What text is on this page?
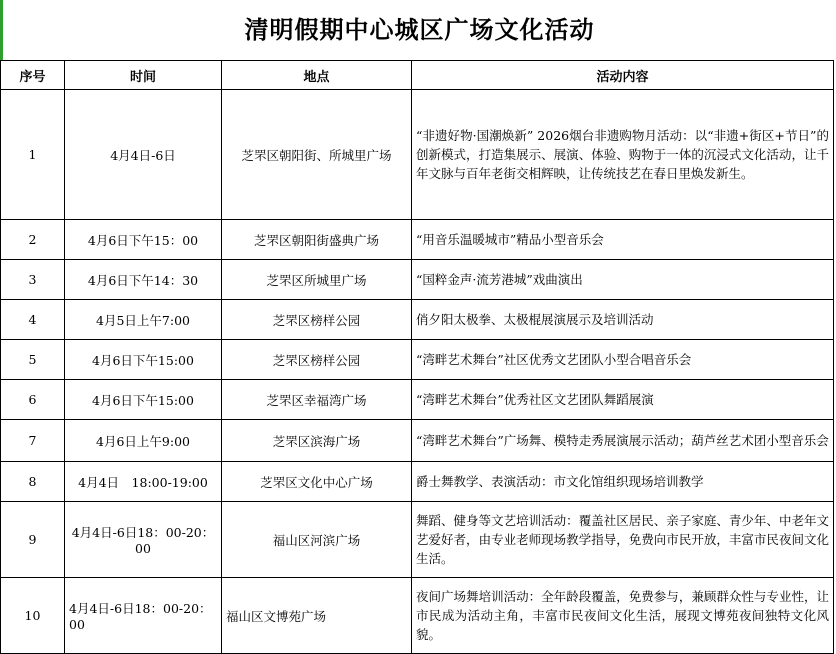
清明假期中心城区广场文化活动
序号	时间	地点	活动内容
1	4月4日-6日	芝罘区朝阳街、所城里广场	“非遗好物·国潮焕新” 2026烟台非遗购物月活动：以“非遗+街区+节日”的创新模式，打造集展示、展演、体验、购物于一体的沉浸式文化活动，让千年文脉与百年老街交相辉映，让传统技艺在春日里焕发新生。
2	4月6日下午15：00	芝罘区朝阳街盛典广场	“用音乐温暖城市”精品小型音乐会
3	4月6日下午14：30	芝罘区所城里广场	“国粹金声·流芳港城”戏曲演出
4	4月5日上午7:00	芝罘区榜样公园	俏夕阳太极拳、太极棍展演展示及培训活动
5	4月6日下午15:00	芝罘区榜样公园	“湾畔艺术舞台”社区优秀文艺团队小型合唱音乐会
6	4月6日下午15:00	芝罘区幸福湾广场	“湾畔艺术舞台”优秀社区文艺团队舞蹈展演
7	4月6日上午9:00	芝罘区滨海广场	“湾畔艺术舞台”广场舞、模特走秀展演展示活动；葫芦丝艺术团小型音乐会
8	4月4日　18:00-19:00	芝罘区文化中心广场	爵士舞教学、表演活动：市文化馆组织现场培训教学
9	4月4日-6日18：00-20：00	福山区河滨广场	舞蹈、健身等文艺培训活动：覆盖社区居民、亲子家庭、青少年、中老年文艺爱好者，由专业老师现场教学指导，免费向市民开放，丰富市民夜间文化生活。
10	4月4日-6日18：00-20：00	福山区文博苑广场	夜间广场舞培训活动：全年龄段覆盖，免费参与，兼顾群众性与专业性，让市民成为活动主角，丰富市民夜间文化生活，展现文博苑夜间独特文化风貌。
